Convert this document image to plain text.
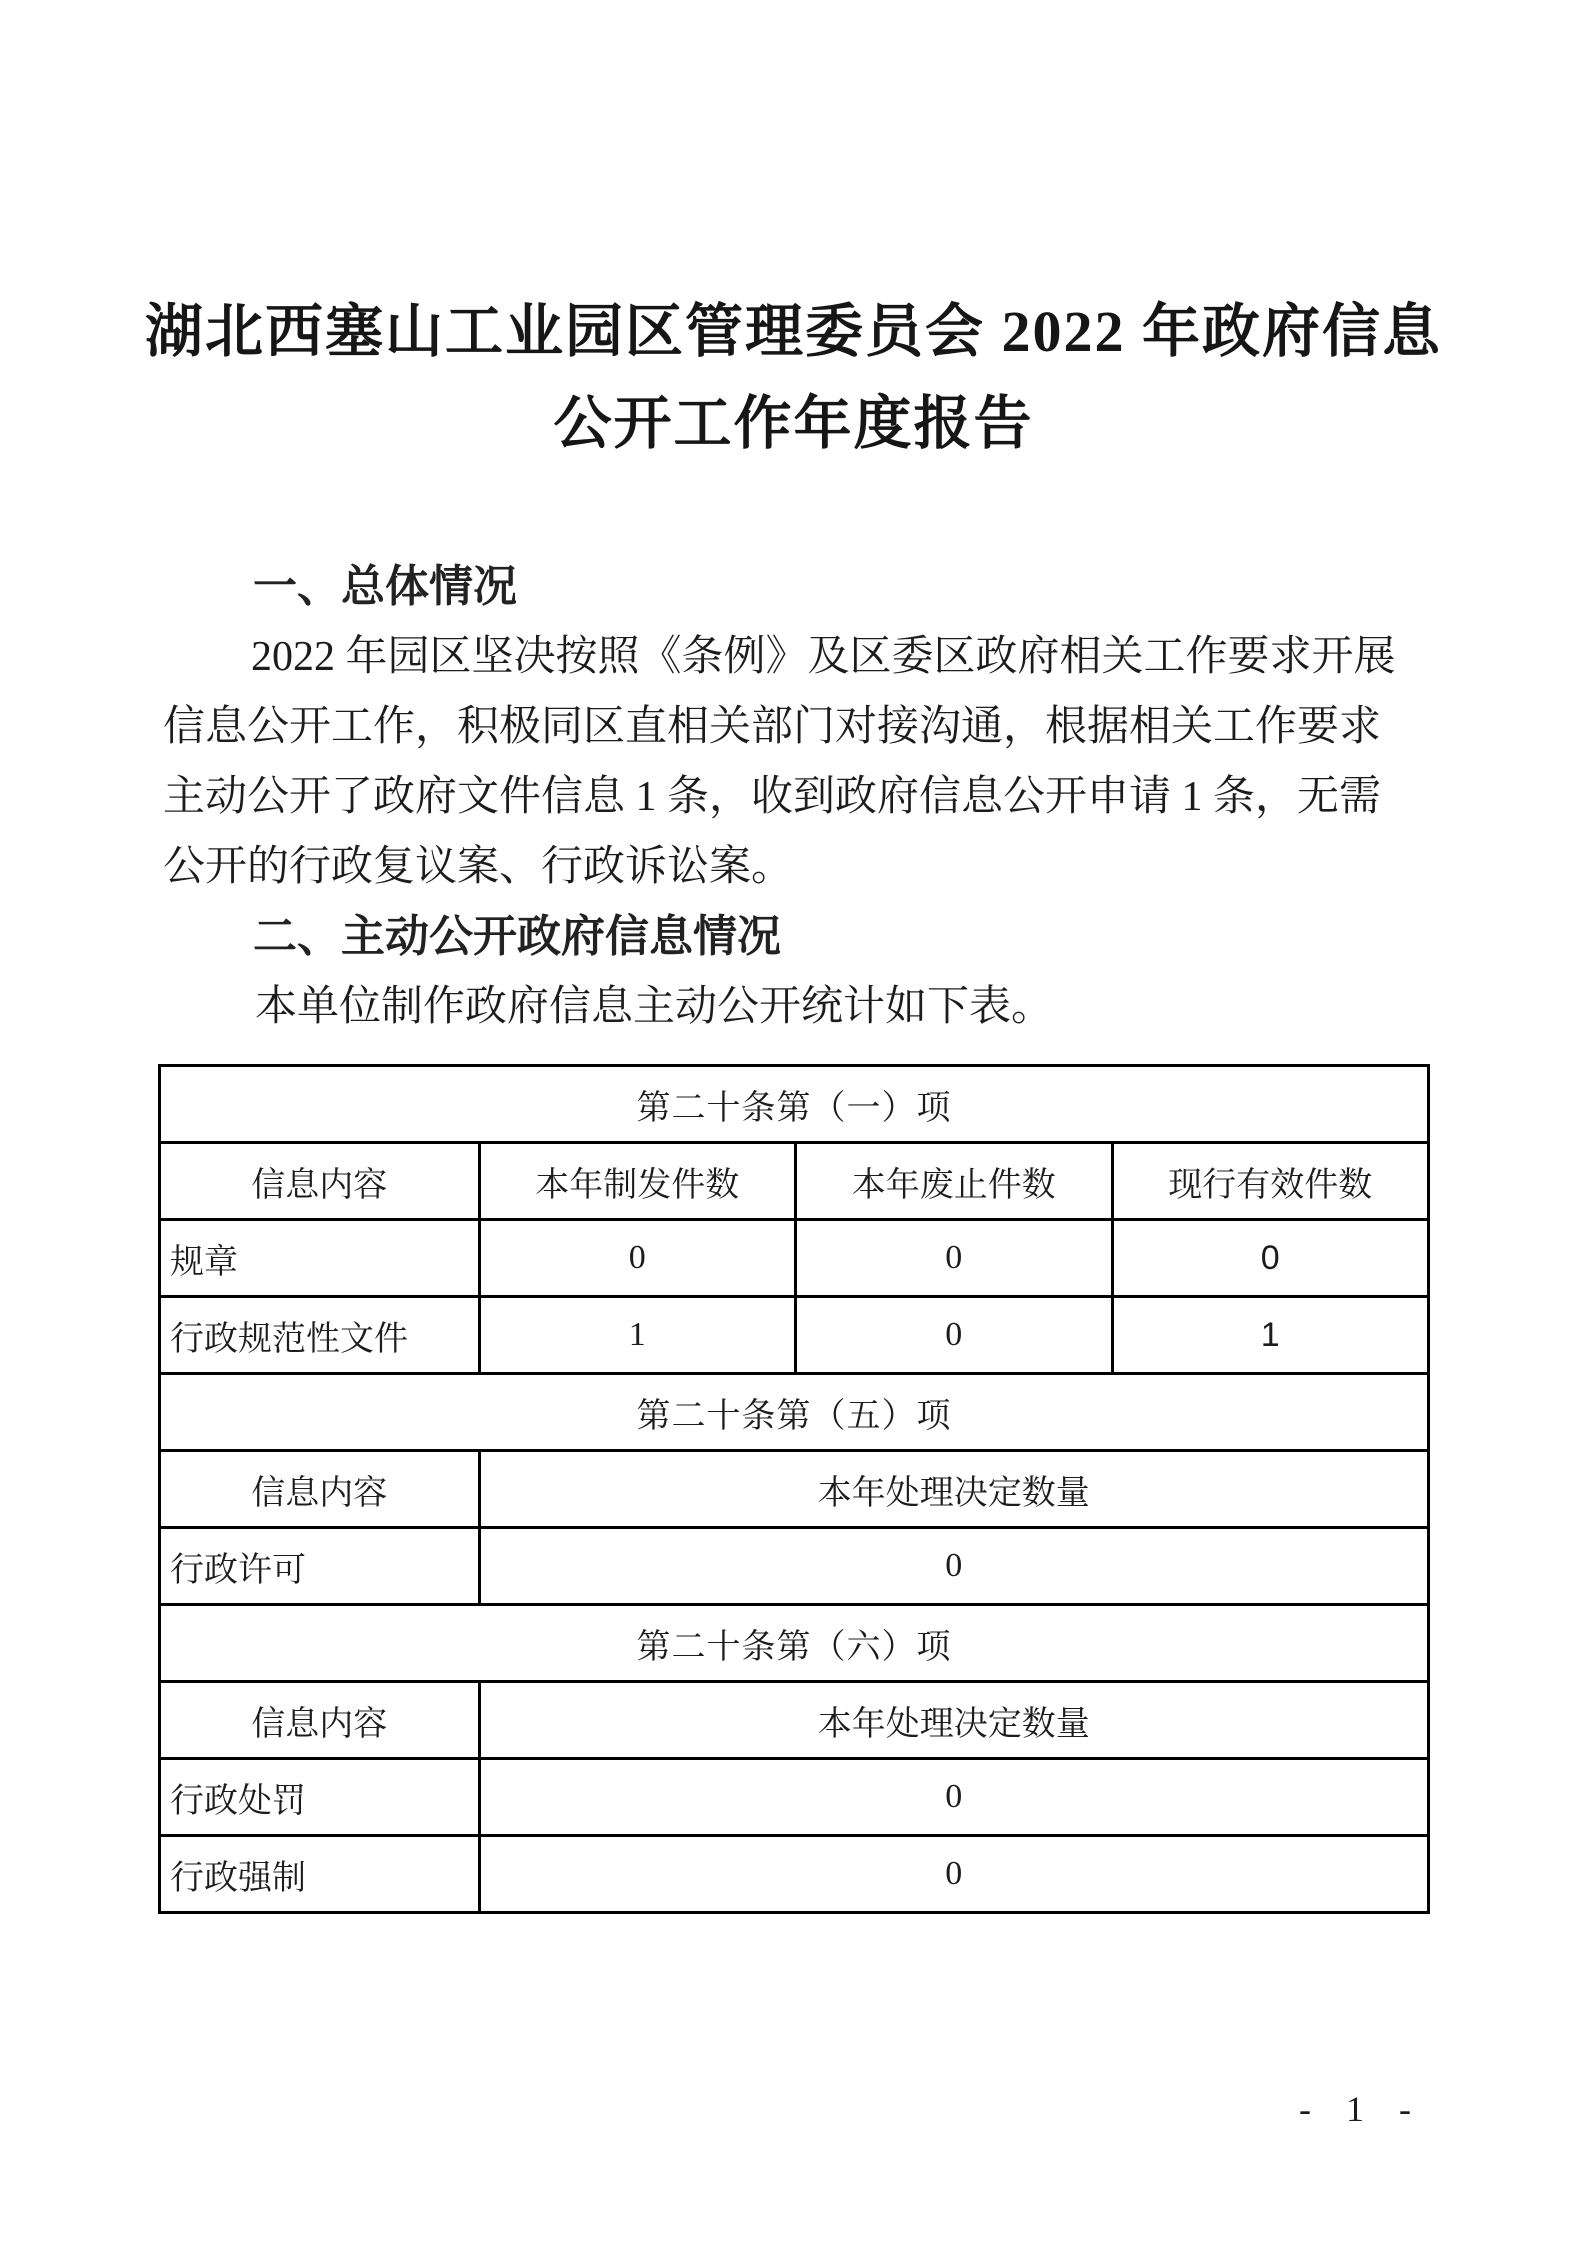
湖北西塞山工业园区管理委员会 2022 年政府信息
公开工作年度报告
一、总体情况
2022 年园区坚决按照《条例》及区委区政府相关工作要求开展
信息公开工作，积极同区直相关部门对接沟通，根据相关工作要求
主动公开了政府文件信息 1 条，收到政府信息公开申请 1 条，无需
公开的行政复议案、行政诉讼案。
二、主动公开政府信息情况
本单位制作政府信息主动公开统计如下表。
第二十条第（一）项
信息内容	本年制发件数	本年废止件数	现行有效件数
规章	0	0	0
行政规范性文件	1	0	1
第二十条第（五）项
信息内容	本年处理决定数量
行政许可	0
第二十条第（六）项
信息内容	本年处理决定数量
行政处罚	0
行政强制	0
- 1 -
